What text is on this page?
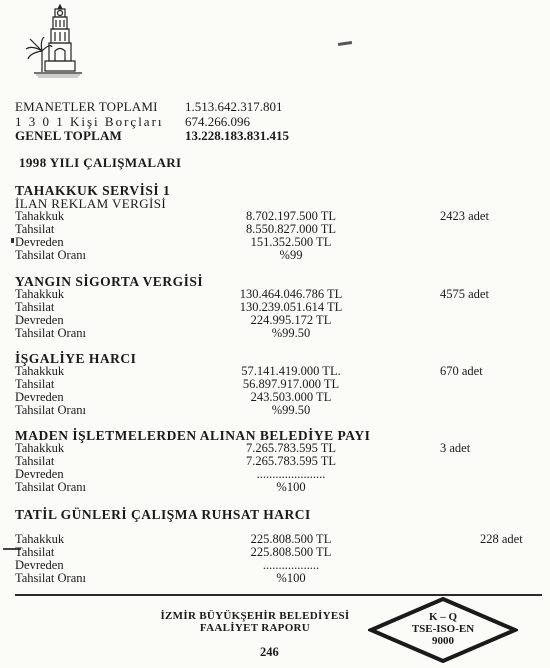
EMANETLER TOPLAMI 1.513.642.317.801
1 3 0 1 Kişi Borçları 674.266.096
GENEL TOPLAM	13.228.183.831.415
1998 YILI ÇALIŞMALARI
TAHAKKUK SERVİSİ 1
İLAN REKLAM VERGİSİ
Tahakkuk	8.702.197.500 TL	2423 adet
Tahsilat	8.550.827.000 TL
Devreden	151.352.500 TL
Tahsilat Oranı	%99
YANGIN SİGORTA VERGİSİ
Tahakkuk	130.464.046.786 TL	4575 adet
Tahsilat	130.239.051.614 TL
Devreden	224.995.172 TL
Tahsilat Oranı	%99.50
İŞGALİYE HARCI
Tahakkuk	57.141.419.000 TL.	670 adet
Tahsilat	56.897.917.000 TL
Devreden	243.503.000 TL
Tahsilat Oranı	%99.50
MADEN İŞLETMELERDEN ALINAN BELEDİYE PAYI
Tahakkuk	7.265.783.595 TL	3 adet
Tahsilat	7.265.783.595 TL
Devreden	......................
Tahsilat Oranı	%100
TATİL GÜNLERİ ÇALIŞMA RUHSAT HARCI
Tahakkuk	225.808.500 TL	228 adet
Tahsilat	225.808.500 TL
Devreden	..................
Tahsilat Oranı	%100
İZMİR BÜYÜKŞEHİR BELEDİYESİ
FAALİYET RAPORU
246
K – Q
TSE-ISO-EN
9000
